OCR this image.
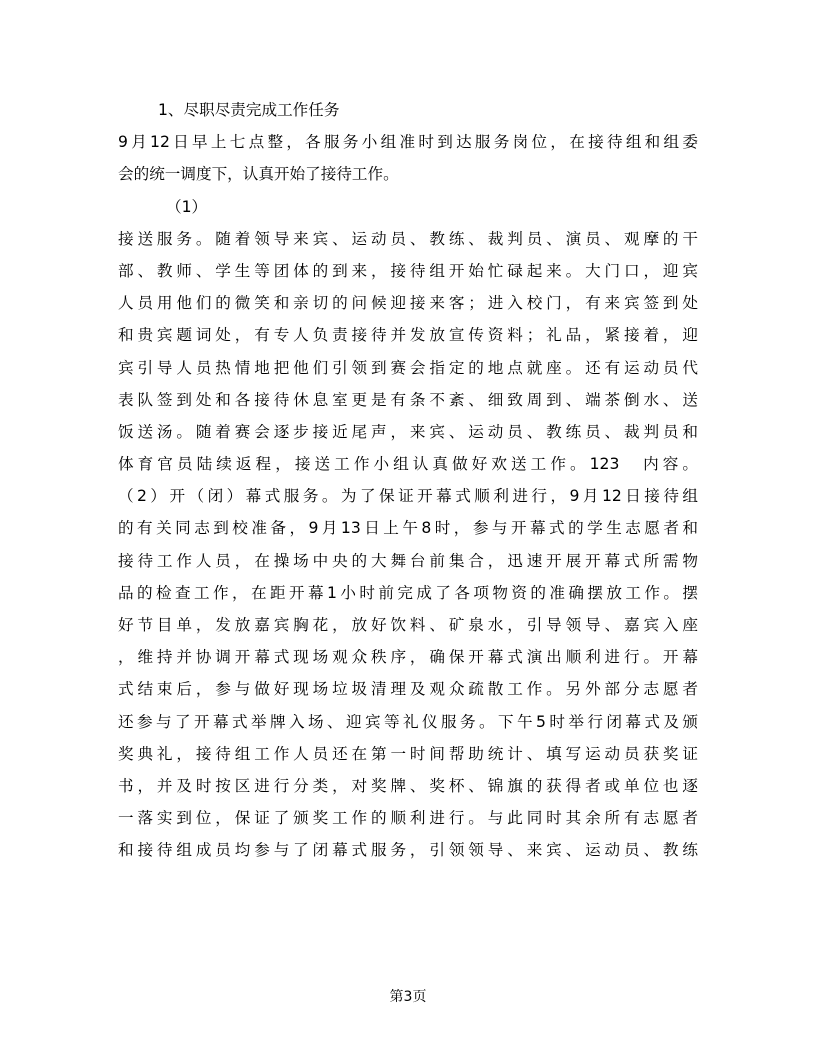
1、尽职尽责完成工作任务
9月12日早上七点整，各服务小组准时到达服务岗位，在接待组和组委
会的统一调度下，认真开始了接待工作。
（1）
接送服务。随着领导来宾、运动员、教练、裁判员、演员、观摩的干
部、教师、学生等团体的到来，接待组开始忙碌起来。大门口，迎宾
人员用他们的微笑和亲切的问候迎接来客；进入校门，有来宾签到处
和贵宾题词处，有专人负责接待并发放宣传资料；礼品，紧接着，迎
宾引导人员热情地把他们引领到赛会指定的地点就座。还有运动员代
表队签到处和各接待休息室更是有条不紊、细致周到、端茶倒水、送
饭送汤。随着赛会逐步接近尾声，来宾、运动员、教练员、裁判员和
体育官员陆续返程，接送工作小组认真做好欢送工作。123　内容。
（2）开（闭）幕式服务。为了保证开幕式顺利进行，9月12日接待组
的有关同志到校准备，9月13日上午8时，参与开幕式的学生志愿者和
接待工作人员，在操场中央的大舞台前集合，迅速开展开幕式所需物
品的检查工作，在距开幕1小时前完成了各项物资的准确摆放工作。摆
好节目单，发放嘉宾胸花，放好饮料、矿泉水，引导领导、嘉宾入座
，维持并协调开幕式现场观众秩序，确保开幕式演出顺利进行。开幕
式结束后，参与做好现场垃圾清理及观众疏散工作。另外部分志愿者
还参与了开幕式举牌入场、迎宾等礼仪服务。下午5时举行闭幕式及颁
奖典礼，接待组工作人员还在第一时间帮助统计、填写运动员获奖证
书，并及时按区进行分类，对奖牌、奖杯、锦旗的获得者或单位也逐
一落实到位，保证了颁奖工作的顺利进行。与此同时其余所有志愿者
和接待组成员均参与了闭幕式服务，引领领导、来宾、运动员、教练
第3页
